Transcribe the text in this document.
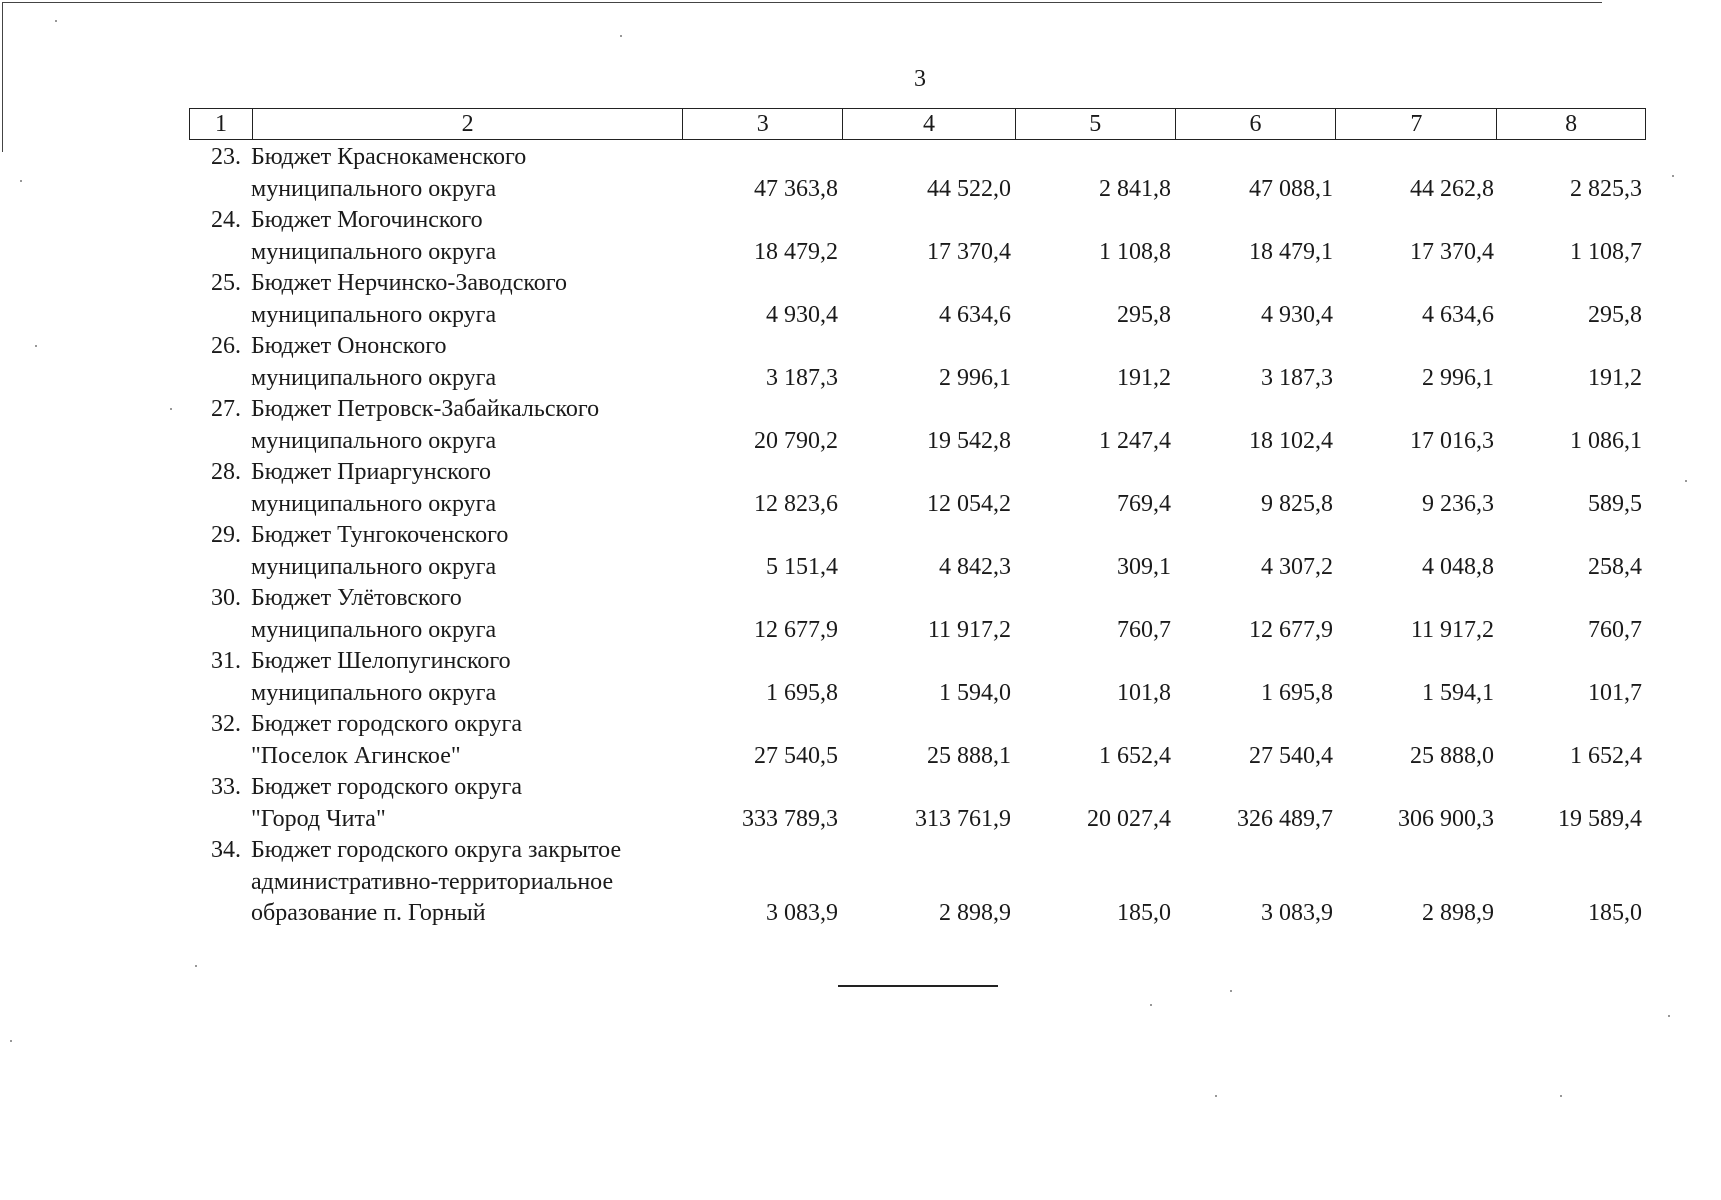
3
1	2	3	4	5	6	7	8
23. Бюджет Краснокаменского
муниципального округа	47 363,8	44 522,0	2 841,8	47 088,1	44 262,8	2 825,3
24. Бюджет Могочинского
муниципального округа	18 479,2	17 370,4	1 108,8	18 479,1	17 370,4	1 108,7
25. Бюджет Нерчинско-Заводского
муниципального округа	4 930,4	4 634,6	295,8	4 930,4	4 634,6	295,8
26. Бюджет Ононского
муниципального округа	3 187,3	2 996,1	191,2	3 187,3	2 996,1	191,2
27. Бюджет Петровск-Забайкальского
муниципального округа	20 790,2	19 542,8	1 247,4	18 102,4	17 016,3	1 086,1
28. Бюджет Приаргунского
муниципального округа	12 823,6	12 054,2	769,4	9 825,8	9 236,3	589,5
29. Бюджет Тунгокоченского
муниципального округа	5 151,4	4 842,3	309,1	4 307,2	4 048,8	258,4
30. Бюджет Улётовского
муниципального округа	12 677,9	11 917,2	760,7	12 677,9	11 917,2	760,7
31. Бюджет Шелопугинского
муниципального округа	1 695,8	1 594,0	101,8	1 695,8	1 594,1	101,7
32. Бюджет городского округа
"Поселок Агинское"	27 540,5	25 888,1	1 652,4	27 540,4	25 888,0	1 652,4
33. Бюджет городского округа
"Город Чита"	333 789,3	313 761,9	20 027,4	326 489,7	306 900,3	19 589,4
34. Бюджет городского округа закрытое
административно-территориальное
образование п. Горный	3 083,9	2 898,9	185,0	3 083,9	2 898,9	185,0
